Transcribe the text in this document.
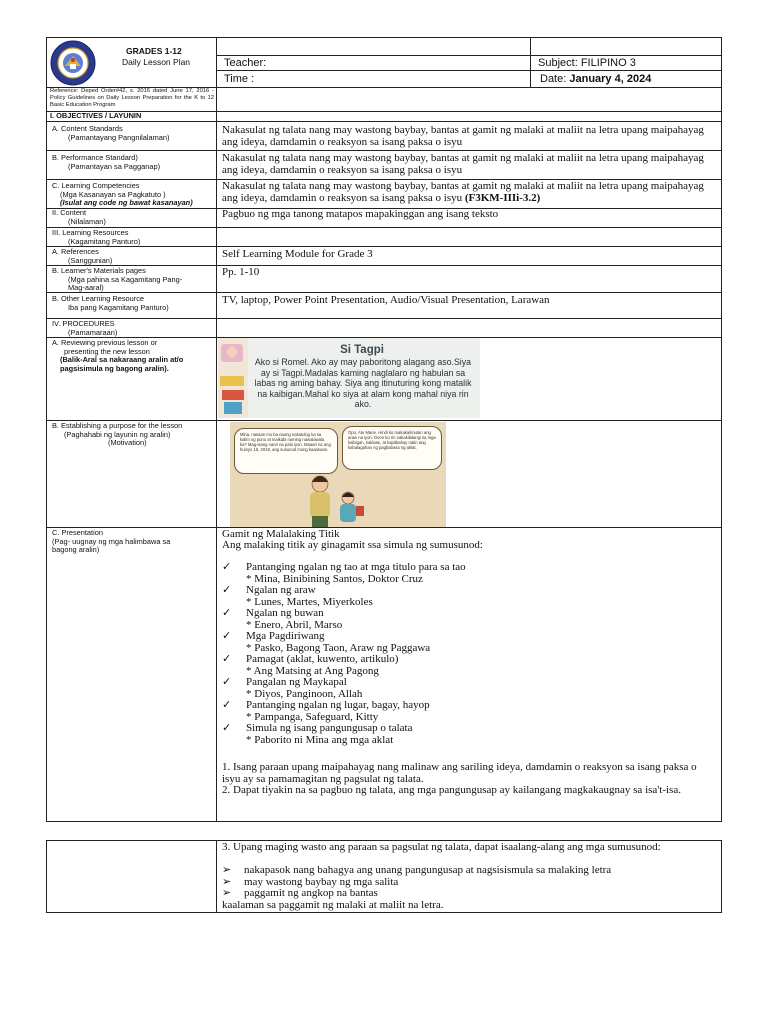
GRADES 1-12
Daily Lesson Plan	Teacher:
Time :
Subject: FILIPINO 3
Date: January 4, 2024
Reference: Deped Order#42, s. 2016 dated June 17, 2016 - Policy Guidelines on Daily Lesson Preparation for the K to 12 Basic Education Program
I. OBJECTIVES / LAYUNIN
A. Content Standards
(Pamantayang Pangnilalaman)
Nakasulat ng talata nang may wastong baybay, bantas at gamit ng malaki at maliit na letra upang maipahayag ang ideya, damdamin o reaksyon sa isang paksa o isyu
B. Performance Standard)
(Pamantayan sa Pagganap)
Nakasulat ng talata nang may wastong baybay, bantas at gamit ng malaki at maliit na letra upang maipahayag ang ideya, damdamin o reaksyon sa isang paksa o isyu
C. Learning Competencies
(Mga Kasanayan sa Pagkatuto )
(Isulat ang code ng bawat kasanayan)
Nakasulat ng talata nang may wastong baybay, bantas at gamit ng malaki at maliit na letra upang maipahayag ang ideya, damdamin o reaksyon sa isang paksa o isyu (F3KM-IIIi-3.2)
II. Content
(Nilalaman)
Pagbuo ng mga tanong matapos mapakinggan ang isang teksto
III. Learning Resources
(Kagamitang Panturo)
A. References
(Sanggunian)
Self Learning Module for Grade 3
B. Learner's Materials pages
(Mga pahina sa Kagamitang Pang-
Mag-aaral)
Pp. 1-10
B. Other Learning Resource
Iba pang Kagamitang Panturo)
TV, laptop, Power Point Presentation, Audio/Visual Presentation, Larawan
IV. PROCEDURES
(Pamamaraan)
A. Reviewing previous lesson or
presenting the new lesson
(Balik-Aral sa nakaraang aralin at/o
pagsisimula ng bagong aralin).
B. Establishing a purpose for the lesson
(Paghahabi ng layunin ng aralin)
(Motivation)
C. Presentation
(Pag- uugnay ng mga halimbawa sa
bagong aralin)
Si Tagpi
Ako si Romel. Ako ay may paboritong alagang aso.Siya ay si Tagpi.Madalas kaming naglalaro ng habulan sa labas ng aming bahay. Siya ang itinuturing kong matalik na kaibigan.Mahal ko siya at alam kong mahal niya rin ako.
Mina, nasaan mo ba naong nakatulog ka sa kalim ng puno at maikabi naming nawalawala ka? Mag-isang naon na pala iyon. Maaari na ang huinyo 15, 2019, ang susunod mong kaarawan.
Opo, Ate Marie. Hindi ko makakalimutan ang araw na iyon. Doon ko rin nakakilalangi sa mga kaibigan, kaklase, at kapitbahay natin ang kahalagahan ng pagbabasa ng aklat.
Gamit ng Malalaking Titik
Ang malaking titik ay ginagamit ssa simula ng sumusunod:
✓ Pantanging ngalan ng tao at mga titulo para sa tao
* Mina, Binibining Santos, Doktor Cruz
✓ Ngalan ng araw
* Lunes, Martes, Miyerkoles
✓ Ngalan ng buwan
* Enero, Abril, Marso
✓ Mga Pagdiriwang
* Pasko, Bagong Taon, Araw ng Paggawa
✓ Pamagat (aklat, kuwento, artikulo)
* Ang Matsing at Ang Pagong
✓ Pangalan ng Maykapal
* Diyos, Panginoon, Allah
✓ Pantanging ngalan ng lugar, bagay, hayop
* Pampanga, Safeguard, Kitty
✓ Simula ng isang pangungusap o talata
* Paborito ni Mina ang mga aklat
1. Isang paraan upang maipahayag nang malinaw ang sariling ideya, damdamin o reaksyon sa isang paksa o isyu ay sa pamamagitan ng pagsulat ng talata.
2. Dapat tiyakin na sa pagbuo ng talata, ang mga pangungusap ay kailangang magkakaugnay sa isa't-isa.
3. Upang maging wasto ang paraan sa pagsulat ng talata, dapat isaalang-alang ang mga sumusunod:
➢ nakapasok nang bahagya ang unang pangungusap at nagsisismula sa malaking letra
➢ may wastong baybay ng mga salita
➢ paggamit ng angkop na bantas
kaalaman sa paggamit ng malaki at maliit na letra.
